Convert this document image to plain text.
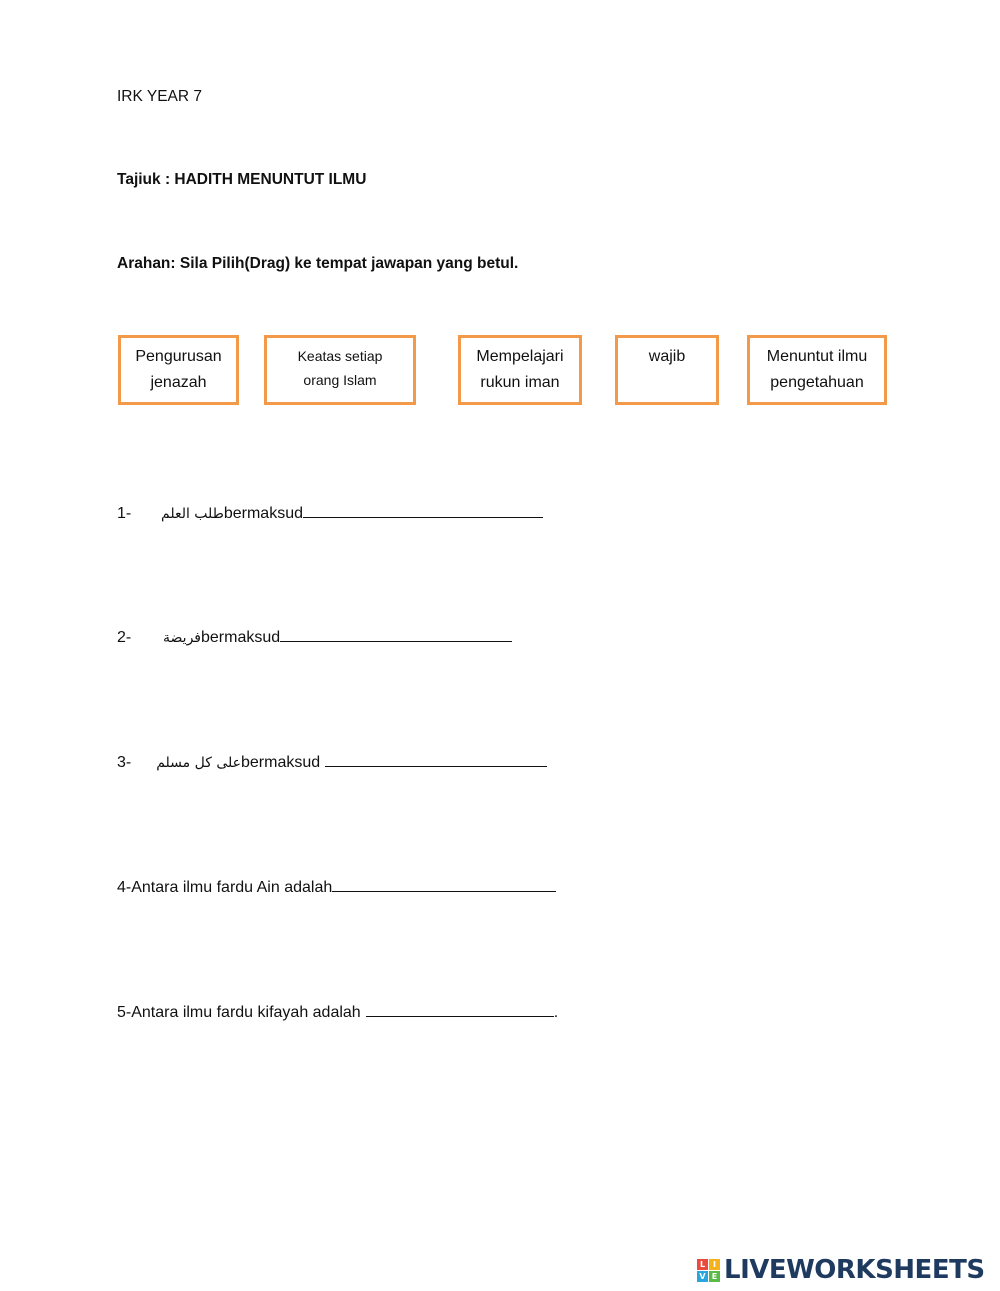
IRK YEAR 7
Tajiuk : HADITH MENUNTUT ILMU
Arahan: Sila Pilih(Drag) ke tempat jawapan yang betul.
Pengurusan
jenazah
Keatas setiap
orang Islam
Mempelajari
rukun iman
wajib	Menuntut ilmu
pengetahuan
1- طلب العلمbermaksud
2- فريضةbermaksud
3- على كل مسلمbermaksud
4-Antara ilmu fardu Ain adalah
5-Antara ilmu fardu kifayah adalah	.
L I
V E LIVEWORKSHEETS
